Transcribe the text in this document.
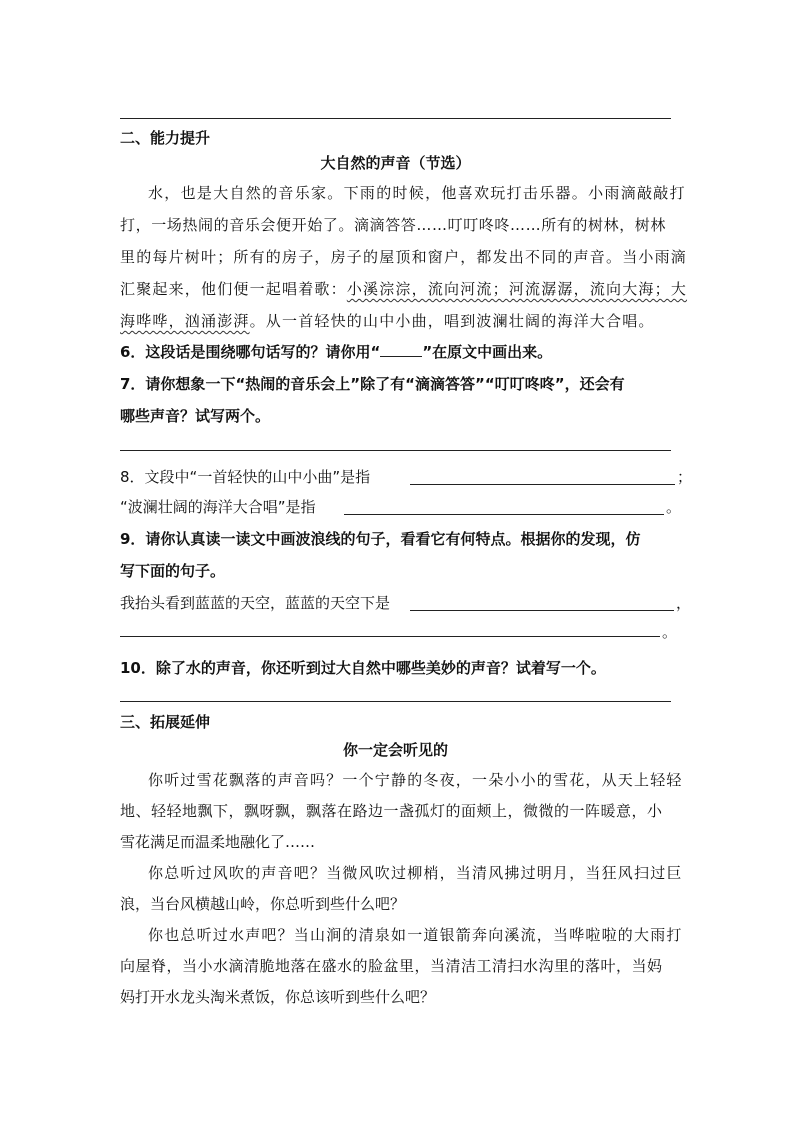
二、能力提升
大自然的声音（节选）
水，也是大自然的音乐家。下雨的时候，他喜欢玩打击乐器。小雨滴敲敲打
打，一场热闹的音乐会便开始了。滴滴答答……叮叮咚咚……所有的树林，树林
里的每片树叶；所有的房子，房子的屋顶和窗户，都发出不同的声音。当小雨滴
汇聚起来，他们便一起唱着歌：小溪淙淙，流向河流；河流潺潺，流向大海；大
海哗哗，汹涌澎湃。从一首轻快的山中小曲，唱到波澜壮阔的海洋大合唱。
6．这段话是围绕哪句话写的？请你用“	”在原文中画出来。
7．请你想象一下“热闹的音乐会上”除了有“滴滴答答”“叮叮咚咚”，还会有
哪些声音？试写两个。
8．文段中“一首轻快的山中小曲”是指	；
“波澜壮阔的海洋大合唱”是指	。
9．请你认真读一读文中画波浪线的句子，看看它有何特点。根据你的发现，仿
写下面的句子。
我抬头看到蓝蓝的天空，蓝蓝的天空下是	，
。
10．除了水的声音，你还听到过大自然中哪些美妙的声音？试着写一个。
三、拓展延伸
你一定会听见的
你听过雪花飘落的声音吗？一个宁静的冬夜，一朵小小的雪花，从天上轻轻
地、轻轻地飘下，飘呀飘，飘落在路边一盏孤灯的面颊上，微微的一阵暖意，小
雪花满足而温柔地融化了……
你总听过风吹的声音吧？当微风吹过柳梢，当清风拂过明月，当狂风扫过巨
浪，当台风横越山岭，你总听到些什么吧？
你也总听过水声吧？当山涧的清泉如一道银箭奔向溪流，当哗啦啦的大雨打
向屋脊，当小水滴清脆地落在盛水的脸盆里，当清洁工清扫水沟里的落叶，当妈
妈打开水龙头淘米煮饭，你总该听到些什么吧？
